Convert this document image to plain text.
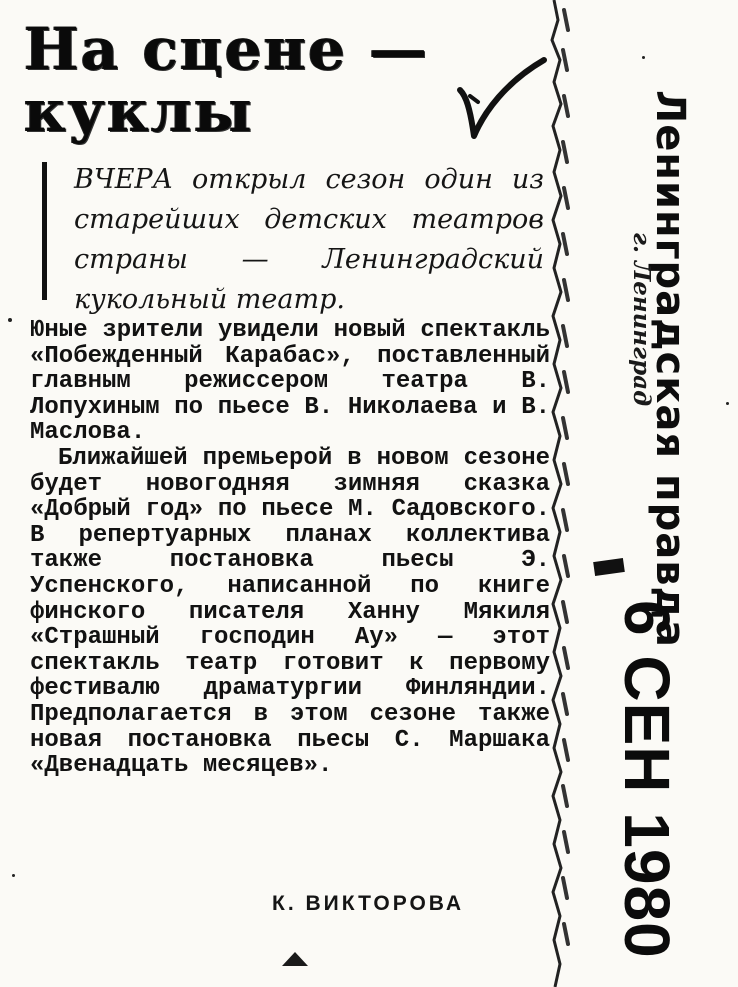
На сцене —
куклы
ВЧЕРА открыл сезон один из старейших детских театров страны — Ленинградский кукольный театр.

Юные зрители увидели новый спектакль «Побежденный Карабас», поставленный главным режиссером театра В. Лопухиным по пьесе В. Николаева и В. Маслова.

Ближайшей премьерой в новом сезоне будет новогодняя зимняя сказка «Добрый год» по пьесе М. Садовского. В репертуарных планах коллектива также постановка пьесы Э. Успенского, написанной по книге финского писателя Ханну Мякиля «Страшный господин Ау» — этот спектакль театр готовит к первому фестивалю драматургии Финляндии. Предполагается в этом сезоне также новая постановка пьесы С. Маршака «Двенадцать месяцев».

К. ВИКТОРОВА
Ленинградская правда
г. Ленинград
6 СЕН 1980
